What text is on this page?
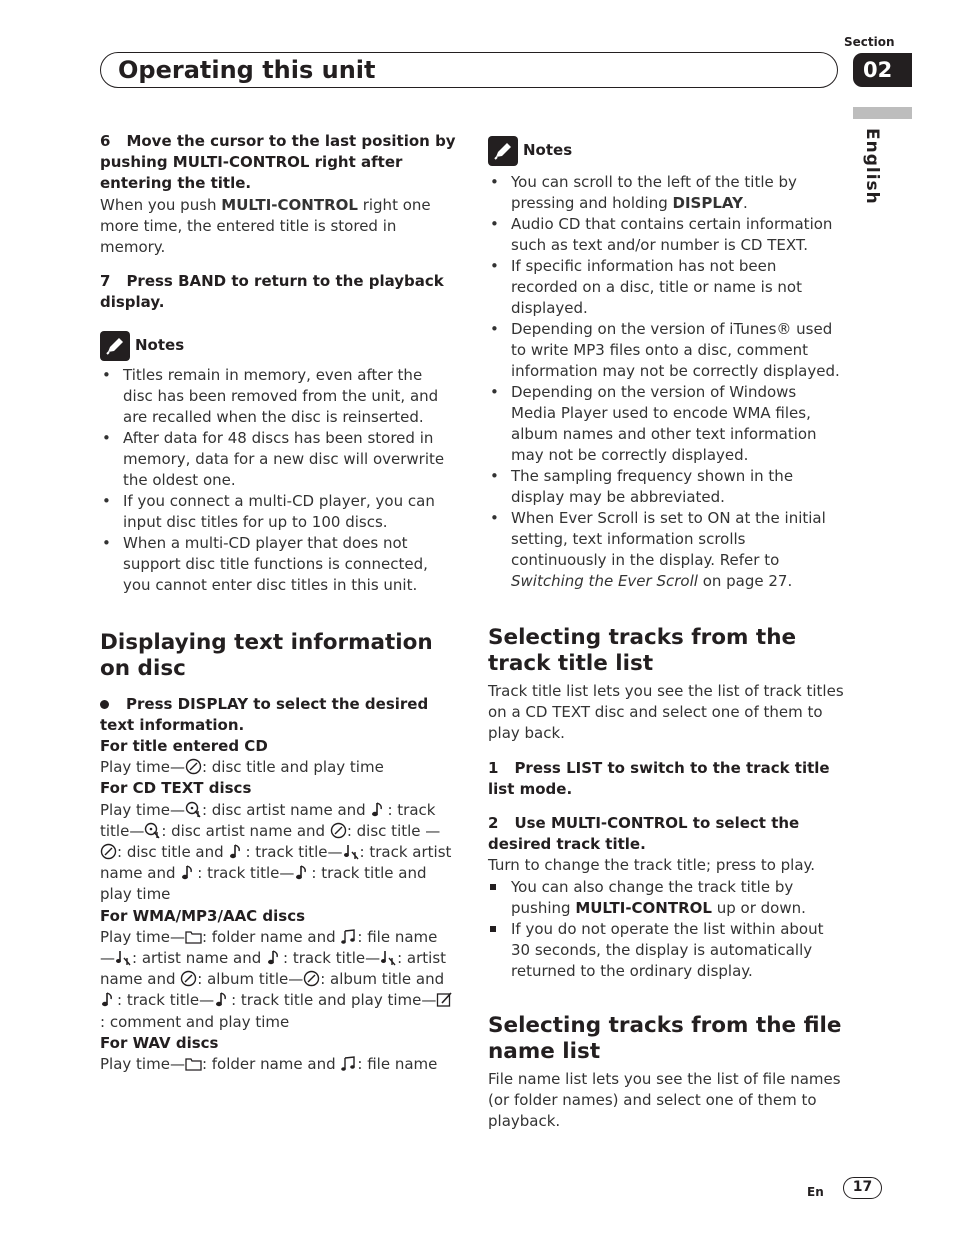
Section
Operating this unit	02
English

6 Move the cursor to the last position by pushing MULTI-CONTROL right after entering the title.

When you push MULTI-CONTROL right one more time, the entered title is stored in memory.

7 Press BAND to return to the playback display.

Notes
• Titles remain in memory, even after the disc has been removed from the unit, and are recalled when the disc is reinserted.
• After data for 48 discs has been stored in memory, data for a new disc will overwrite the oldest one.
• If you connect a multi-CD player, you can input disc titles for up to 100 discs.
• When a multi-CD player that does not support disc title functions is connected, you cannot enter disc titles in this unit.
Displaying text information on disc

Press DISPLAY to select the desired text information.

For title entered CD

Play time— : disc title and play time

For CD TEXT discs

Play time— : disc artist name and : track title— : disc artist name and : disc title —: disc title and : track title— : track artist name and : track title— : track title and play time

For WMA/MP3/AAC discs

Play time— : folder name and : file name — : artist name and : track title— : artist name and : album title— : album title and : track title— : track title and play time—: comment and play time

For WAV discs

Play time— : folder name and : file name

Notes
• You can scroll to the left of the title by pressing and holding DISPLAY.
• Audio CD that contains certain information such as text and/or number is CD TEXT.
• If specific information has not been recorded on a disc, title or name is not displayed.
• Depending on the version of iTunes® used to write MP3 files onto a disc, comment information may not be correctly displayed.
• Depending on the version of Windows Media Player used to encode WMA files, album names and other text information may not be correctly displayed.
• The sampling frequency shown in the display may be abbreviated.
• When Ever Scroll is set to ON at the initial setting, text information scrolls continuously in the display. Refer to Switching the Ever Scroll on page 27.
Selecting tracks from the track title list

Track title list lets you see the list of track titles on a CD TEXT disc and select one of them to play back.

1 Press LIST to switch to the track title list mode.

2 Use MULTI-CONTROL to select the desired track title.

Turn to change the track title; press to play.

You can also change the track title by pushing MULTI-CONTROL up or down.
If you do not operate the list within about 30 seconds, the display is automatically returned to the ordinary display.
Selecting tracks from the file name list

File name list lets you see the list of file names (or folder names) and select one of them to playback.

En	17
